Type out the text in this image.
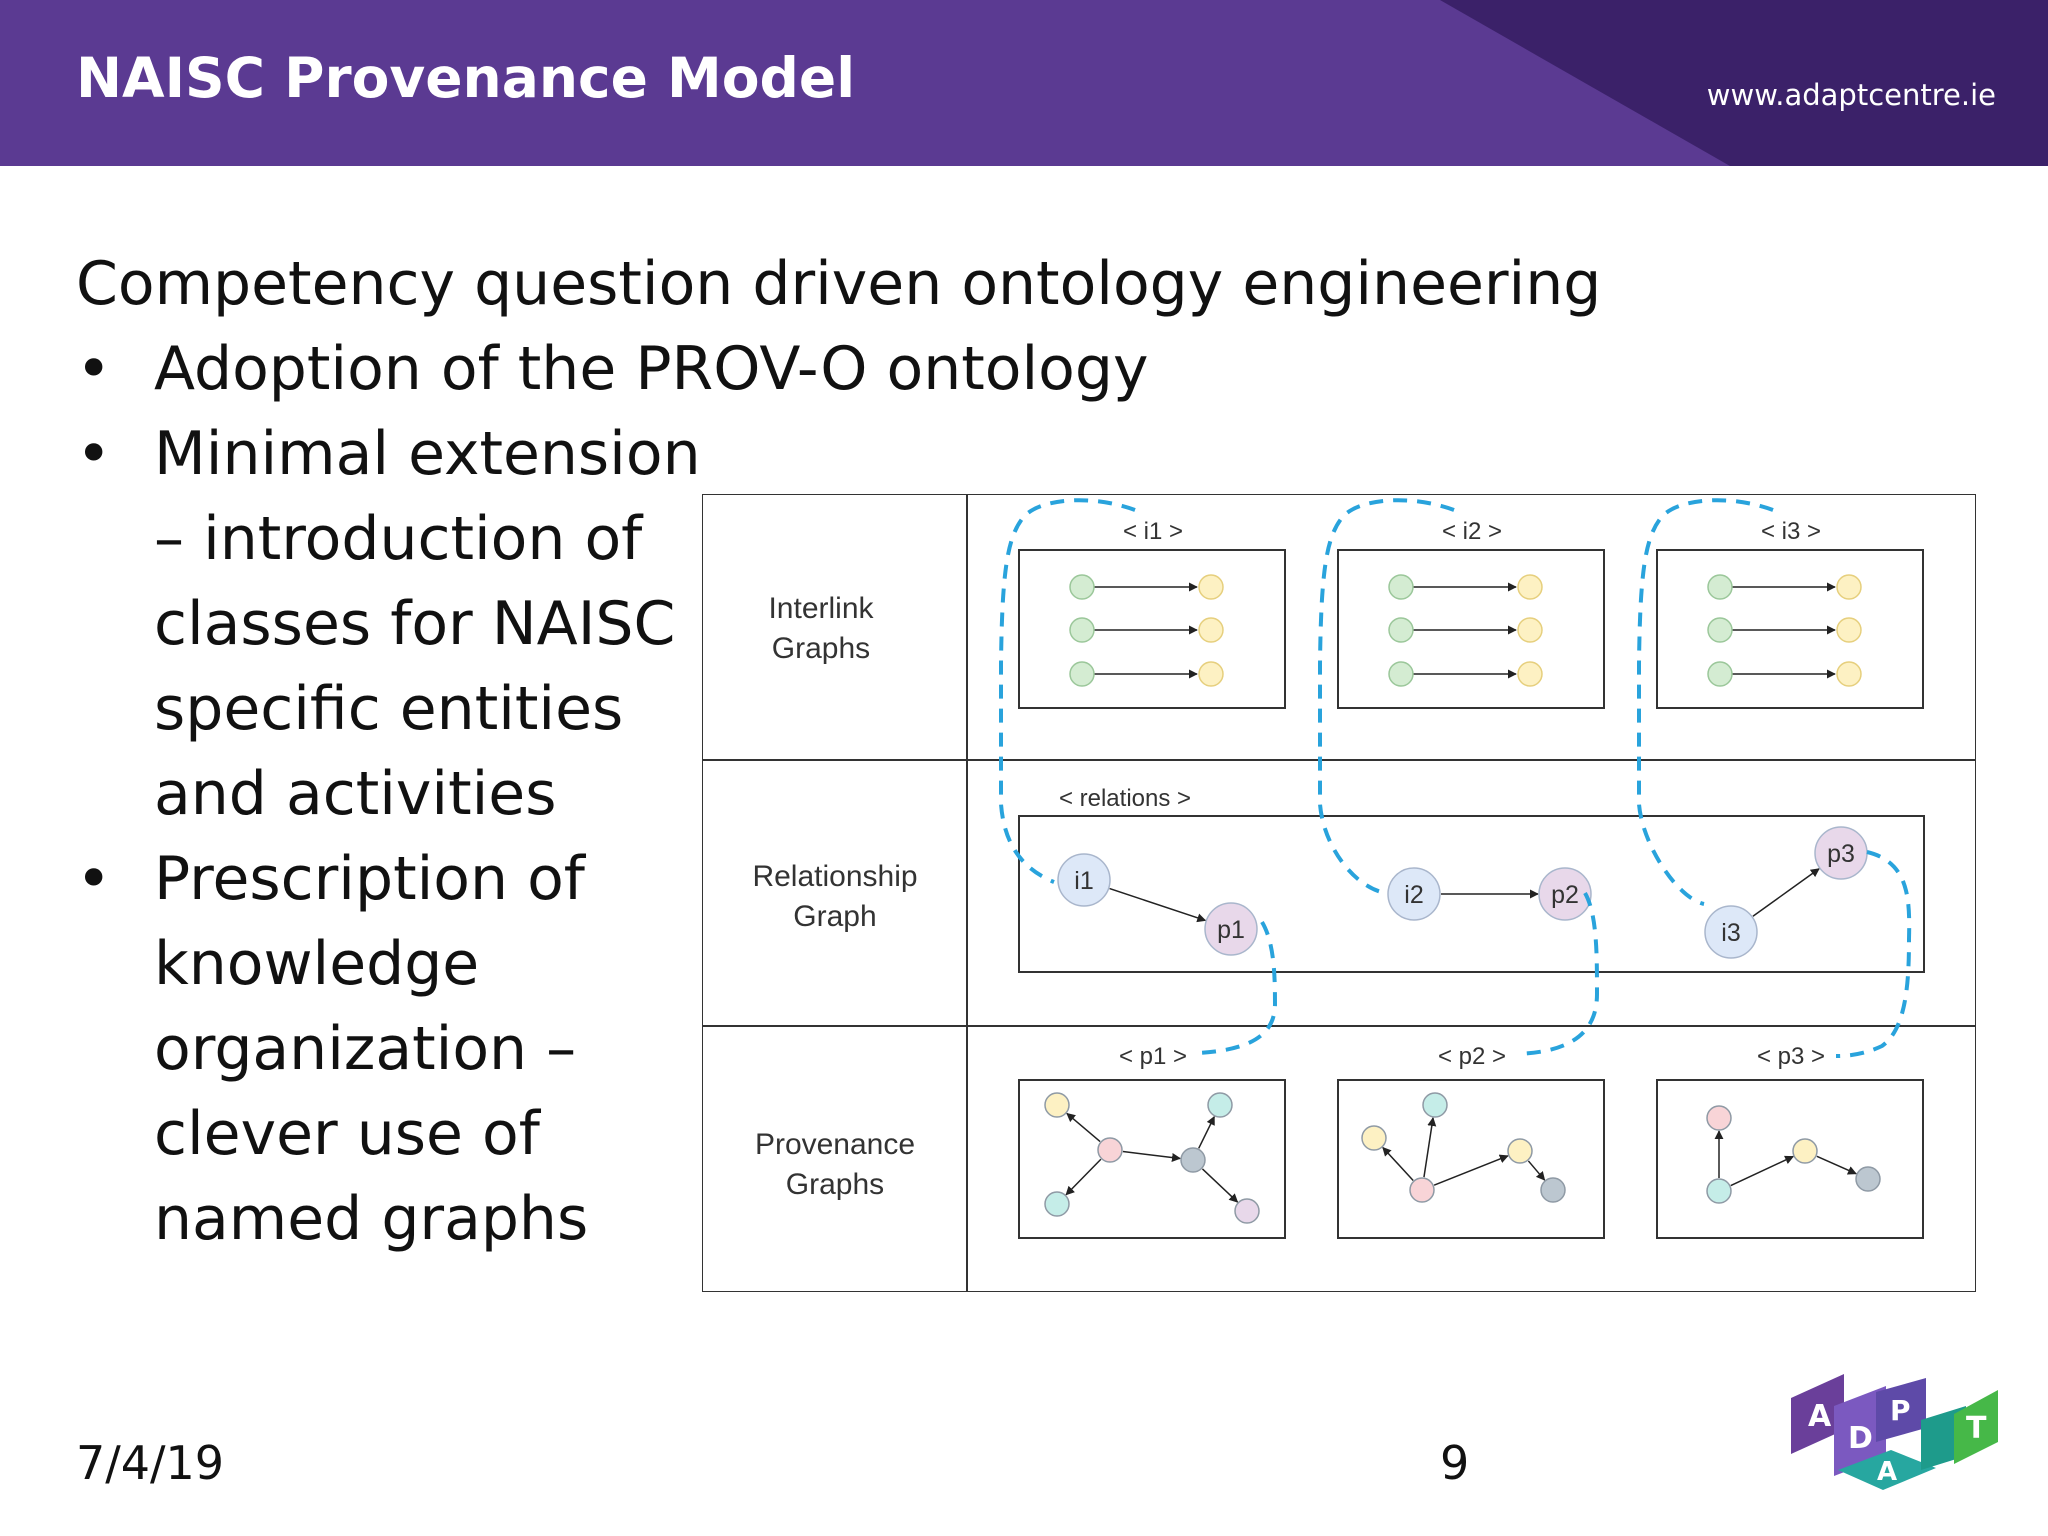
NAISC Provenance Model	www.adaptcentre.ie
Competency question driven ontology engineering
• Adoption of the PROV-O ontology
• Minimal extension
– introduction of
classes for NAISC
specific entities
and activities
• Prescription of
knowledge
organization –
clever use of
named graphs
Interlink
Graphs
Relationship
Graph
Provenance
Graphs
< i1 >	< i2 >	< i3 >
< relations >
< p1 >	< p2 >	< p3 >
i1
p1
i2	p2
i3
p3
7/4/19	9
A
D
A
P
T
